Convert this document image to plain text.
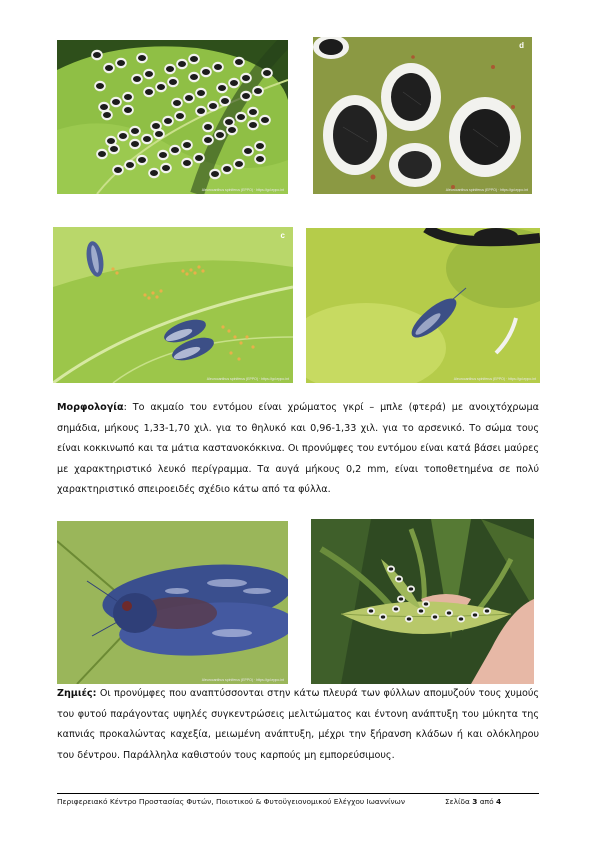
Aleurocanthus spiniferus (EPPO) · https://gd.eppo.int
d
Aleurocanthus spiniferus (EPPO) · https://gd.eppo.int
c
Aleurocanthus spiniferus (EPPO) · https://gd.eppo.int	Aleurocanthus spiniferus (EPPO) · https://gd.eppo.int

Μορφολογία: Το ακμαίο του εντόμου είναι χρώματος γκρί – μπλε (φτερά) με ανοιχτόχρωμα σημάδια, μήκους 1,33-1,70 χιλ. για το θηλυκό και 0,96-1,33 χιλ. για το αρσενικό. Το σώμα τους είναι κοκκινωπό και τα μάτια καστανοκόκκινα. Οι προνύμφες του εντόμου είναι κατά βάσει μαύρες με χαρακτηριστικό λευκό περίγραμμα. Τα αυγά μήκους 0,2 mm, είναι τοποθετημένα σε πολύ χαρακτηριστικό σπειροειδές σχέδιο κάτω από τα φύλλα.

Aleurocanthus spiniferus (EPPO) · https://gd.eppo.int

Ζημιές: Οι προνύμφες που αναπτύσσονται στην κάτω πλευρά των φύλλων απομυζούν τους χυμούς του φυτού παράγοντας υψηλές συγκεντρώσεις μελιτώματος και έντονη ανάπτυξη του μύκητα της καπνιάς προκαλώντας καχεξία, μειωμένη ανάπτυξη, μέχρι την ξήρανση κλάδων ή και ολόκληρου του δέντρου. Παράλληλα καθιστούν τους καρπούς μη εμπορεύσιμους.

Περιφερειακό Κέντρο Προστασίας Φυτών, Ποιοτικού & Φυτοϋγειονομικού Ελέγχου Ιωαννίνων	Σελίδα 3 από 4
